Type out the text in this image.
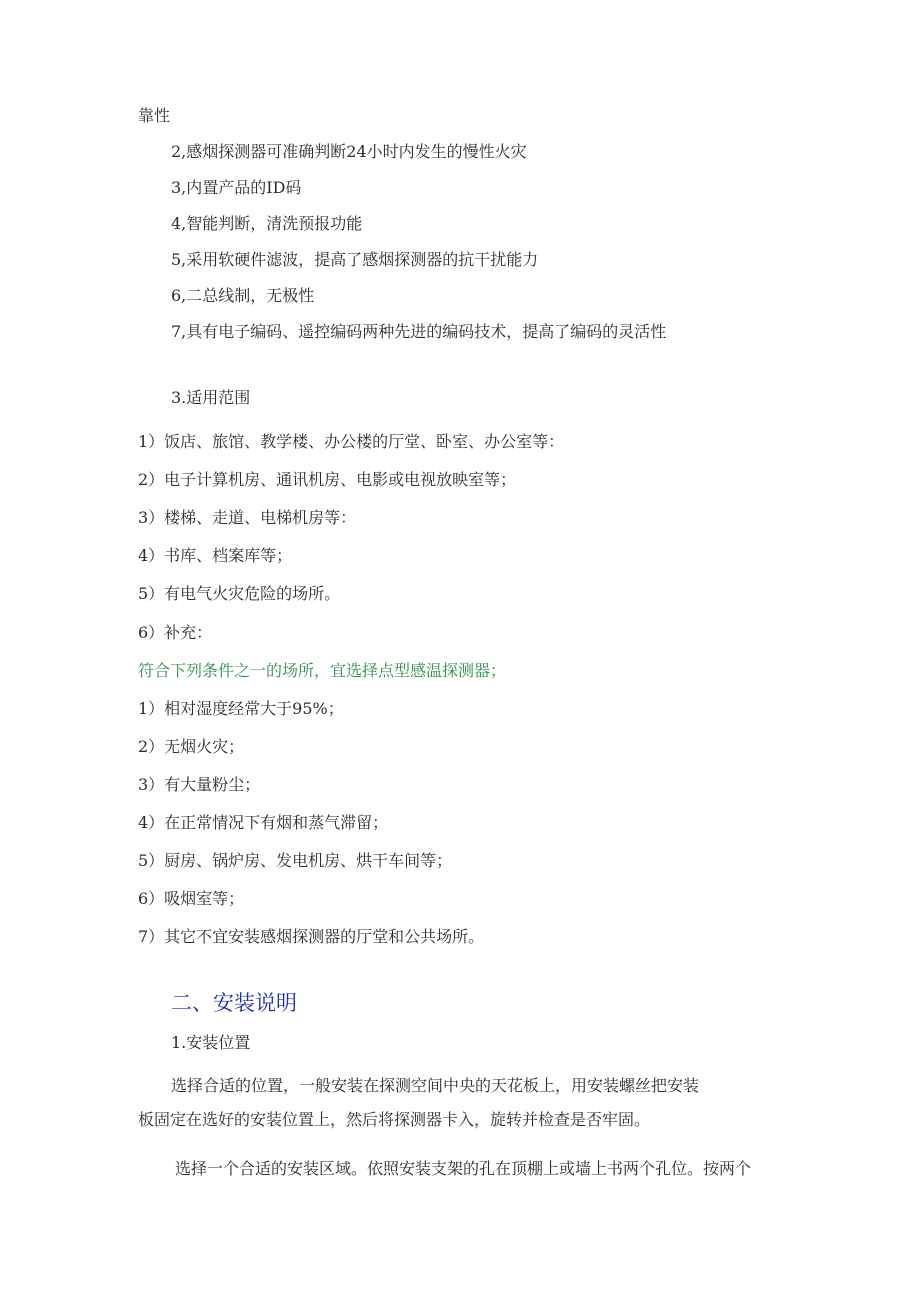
靠性
2,感烟探测器可准确判断24小时内发生的慢性火灾
3,内置产品的ID码
4,智能判断，清洗预报功能
5,采用软硬件滤波，提高了感烟探测器的抗干扰能力
6,二总线制，无极性
7,具有电子编码、遥控编码两种先进的编码技术，提高了编码的灵活性
3.适用范围
1）饭店、旅馆、教学楼、办公楼的厅堂、卧室、办公室等：
2）电子计算机房、通讯机房、电影或电视放映室等；
3）楼梯、走道、电梯机房等：
4）书库、档案库等；
5）有电气火灾危险的场所。
6）补充：
符合下列条件之一的场所，宜选择点型感温探测器；
1）相对湿度经常大于95%；
2）无烟火灾；
3）有大量粉尘；
4）在正常情况下有烟和蒸气滞留；
5）厨房、锅炉房、发电机房、烘干车间等；
6）吸烟室等；
7）其它不宜安装感烟探测器的厅堂和公共场所。
二、安装说明
1.安装位置
选择合适的位置，一般安装在探测空间中央的天花板上，用安装螺丝把安装
板固定在选好的安装位置上，然后将探测器卡入，旋转并检查是否牢固。
选择一个合适的安装区域。依照安装支架的孔在顶棚上或墙上书两个孔位。按两个
